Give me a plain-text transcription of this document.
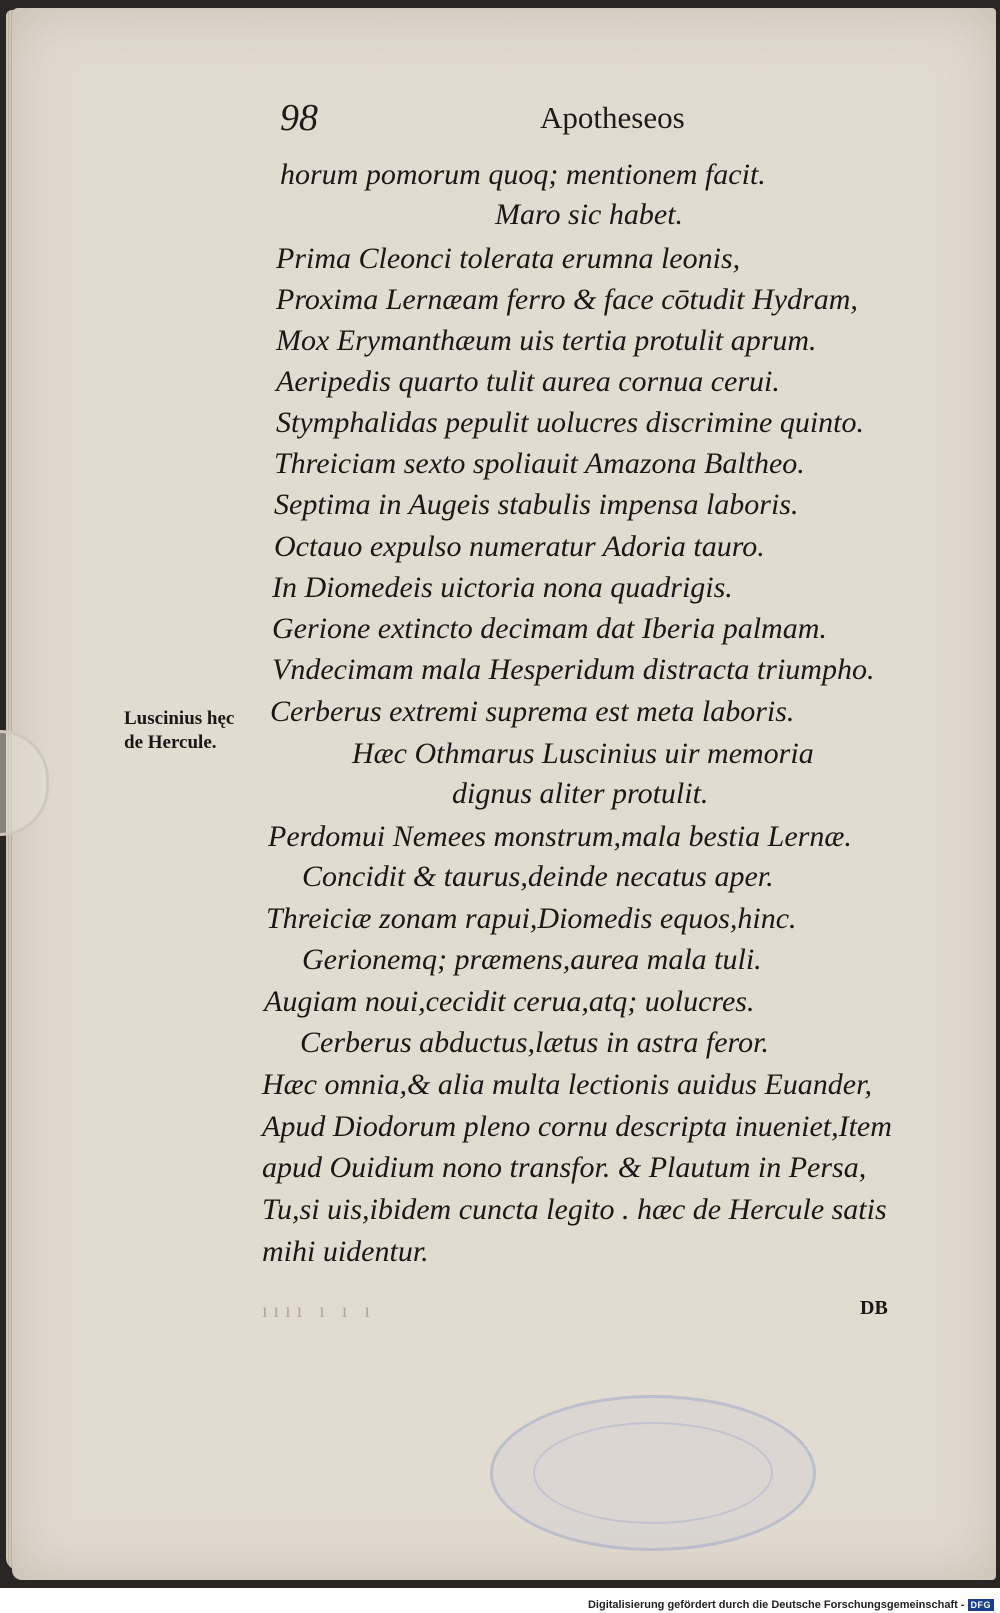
98	Apotheseos
horum pomorum quoq; mentionem facit.
Maro sic habet.
Prima Cleonci tolerata erumna leonis,
Proxima Lernæam ferro & face cōtudit Hydram,
Mox Erymanthæum uis tertia protulit aprum.
Aeripedis quarto tulit aurea cornua cerui.
Stymphalidas pepulit uolucres discrimine quinto.
Threiciam sexto spoliauit Amazona Baltheo.
Septima in Augeis stabulis impensa laboris.
Octauo expulso numeratur Adoria tauro.
In Diomedeis uictoria nona quadrigis.
Gerione extincto decimam dat Iberia palmam.
Vndecimam mala Hesperidum distracta triumpho.
Cerberus extremi suprema est meta laboris.
Hæc Othmarus Luscinius uir memoria
dignus aliter protulit.
Perdomui Nemees monstrum,mala bestia Lernæ.
Concidit & taurus,deinde necatus aper.
Threiciæ zonam rapui,Diomedis equos,hinc.
Gerionemq; præmens,aurea mala tuli.
Augiam noui,cecidit cerua,atq; uolucres.
Cerberus abductus,lætus in astra feror.
Hæc omnia,& alia multa lectionis auidus Euander,
Apud Diodorum pleno cornu descripta inueniet,Item
apud Ouidium nono transfor. & Plautum in Persa,
Tu,si uis,ibidem cuncta legito . hæc de Hercule satis
mihi uidentur.
Luscinius hęc
de Hercule.
ıııı ı ı ı	DB
Digitalisierung gefördert durch die Deutsche Forschungsgemeinschaft - DFG
